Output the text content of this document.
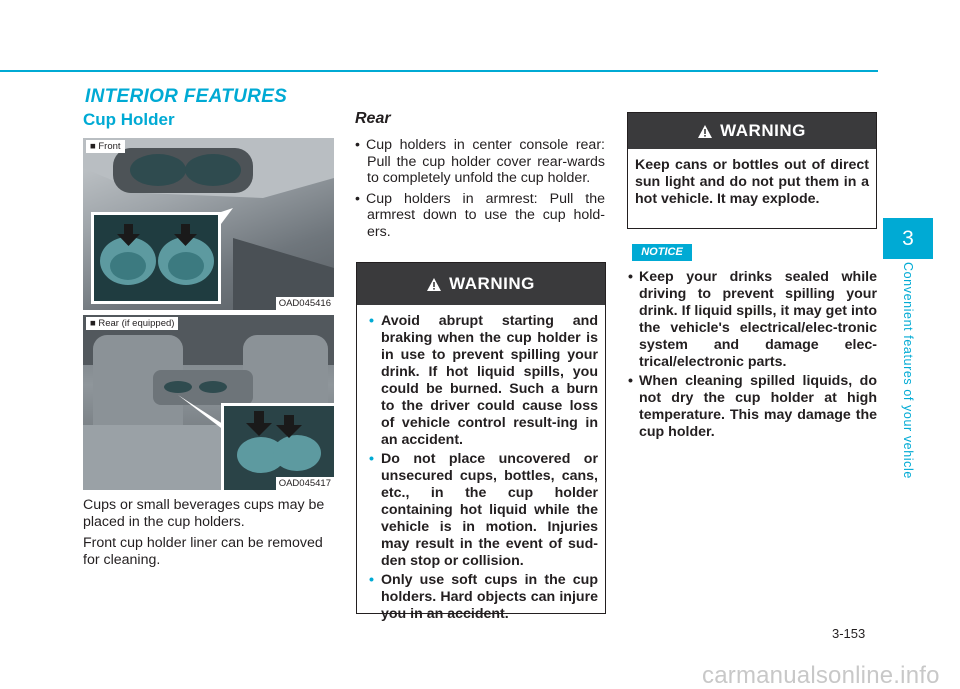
INTERIOR FEATURES
Cup Holder
■ Front
OAD045416
■ Rear (if equipped)
OAD045417

Cups or small beverages cups may be placed in the cup holders.

Front cup holder liner can be removed for cleaning.

Rear
• Cup holders in center console rear: Pull the cup holder cover rear-wards to completely unfold the cup holder.
• Cup holders in armrest: Pull the armrest down to use the cup hold-ers.
WARNING
• Avoid abrupt starting and braking when the cup holder is in use to prevent spilling your drink. If hot liquid spills, you could be burned. Such a burn to the driver could cause loss of vehicle control result-ing in an accident.
• Do not place uncovered or unsecured cups, bottles, cans, etc., in the cup holder containing hot liquid while the vehicle is in motion. Injuries may result in the event of sud-den stop or collision.
• Only use soft cups in the cup holders. Hard objects can injure you in an accident.
WARNING
Keep cans or bottles out of direct sun light and do not put them in a hot vehicle. It may explode.
NOTICE
• Keep your drinks sealed while driving to prevent spilling your drink. If liquid spills, it may get into the vehicle's electrical/elec-tronic system and damage elec-trical/electronic parts.
• When cleaning spilled liquids, do not dry the cup holder at high temperature. This may damage the cup holder.
3
Convenient features of your vehicle
3-153
carmanualsonline.info
